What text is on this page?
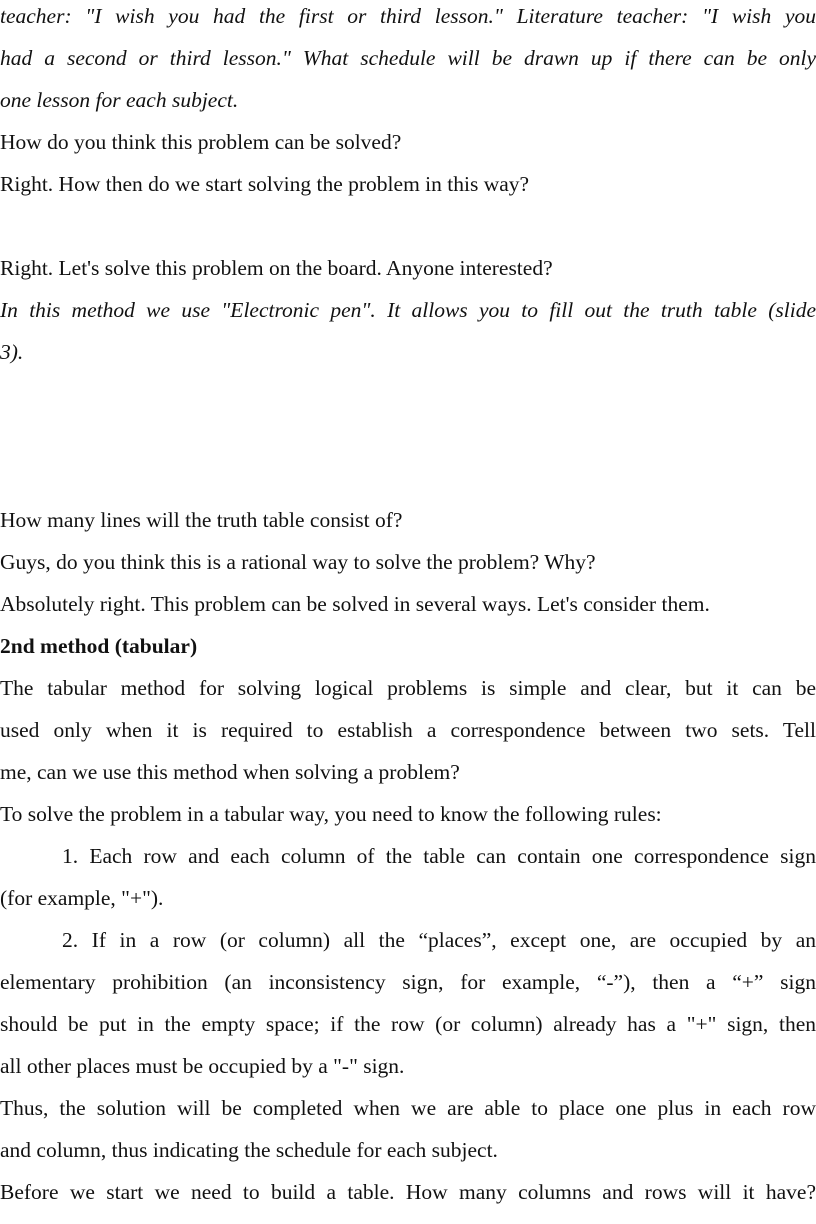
teacher: "I wish you had the first or third lesson." Literature teacher: "I wish you
had a second or third lesson." What schedule will be drawn up if there can be only
one lesson for each subject.
How do you think this problem can be solved?
Right. How then do we start solving the problem in this way?
Right. Let's solve this problem on the board. Anyone interested?
In this method we use "Electronic pen". It allows you to fill out the truth table (slide
3).
How many lines will the truth table consist of?
Guys, do you think this is a rational way to solve the problem? Why?
Absolutely right. This problem can be solved in several ways. Let's consider them.
2nd method (tabular)
The tabular method for solving logical problems is simple and clear, but it can be
used only when it is required to establish a correspondence between two sets. Tell
me, can we use this method when solving a problem?
To solve the problem in a tabular way, you need to know the following rules:
1. Each row and each column of the table can contain one correspondence sign
(for example, "+").
2. If in a row (or column) all the “places”, except one, are occupied by an
elementary prohibition (an inconsistency sign, for example, “-”), then a “+” sign
should be put in the empty space; if the row (or column) already has a "+" sign, then
all other places must be occupied by a "-" sign.
Thus, the solution will be completed when we are able to place one plus in each row
and column, thus indicating the schedule for each subject.
Before we start we need to build a table. How many columns and rows will it have?
